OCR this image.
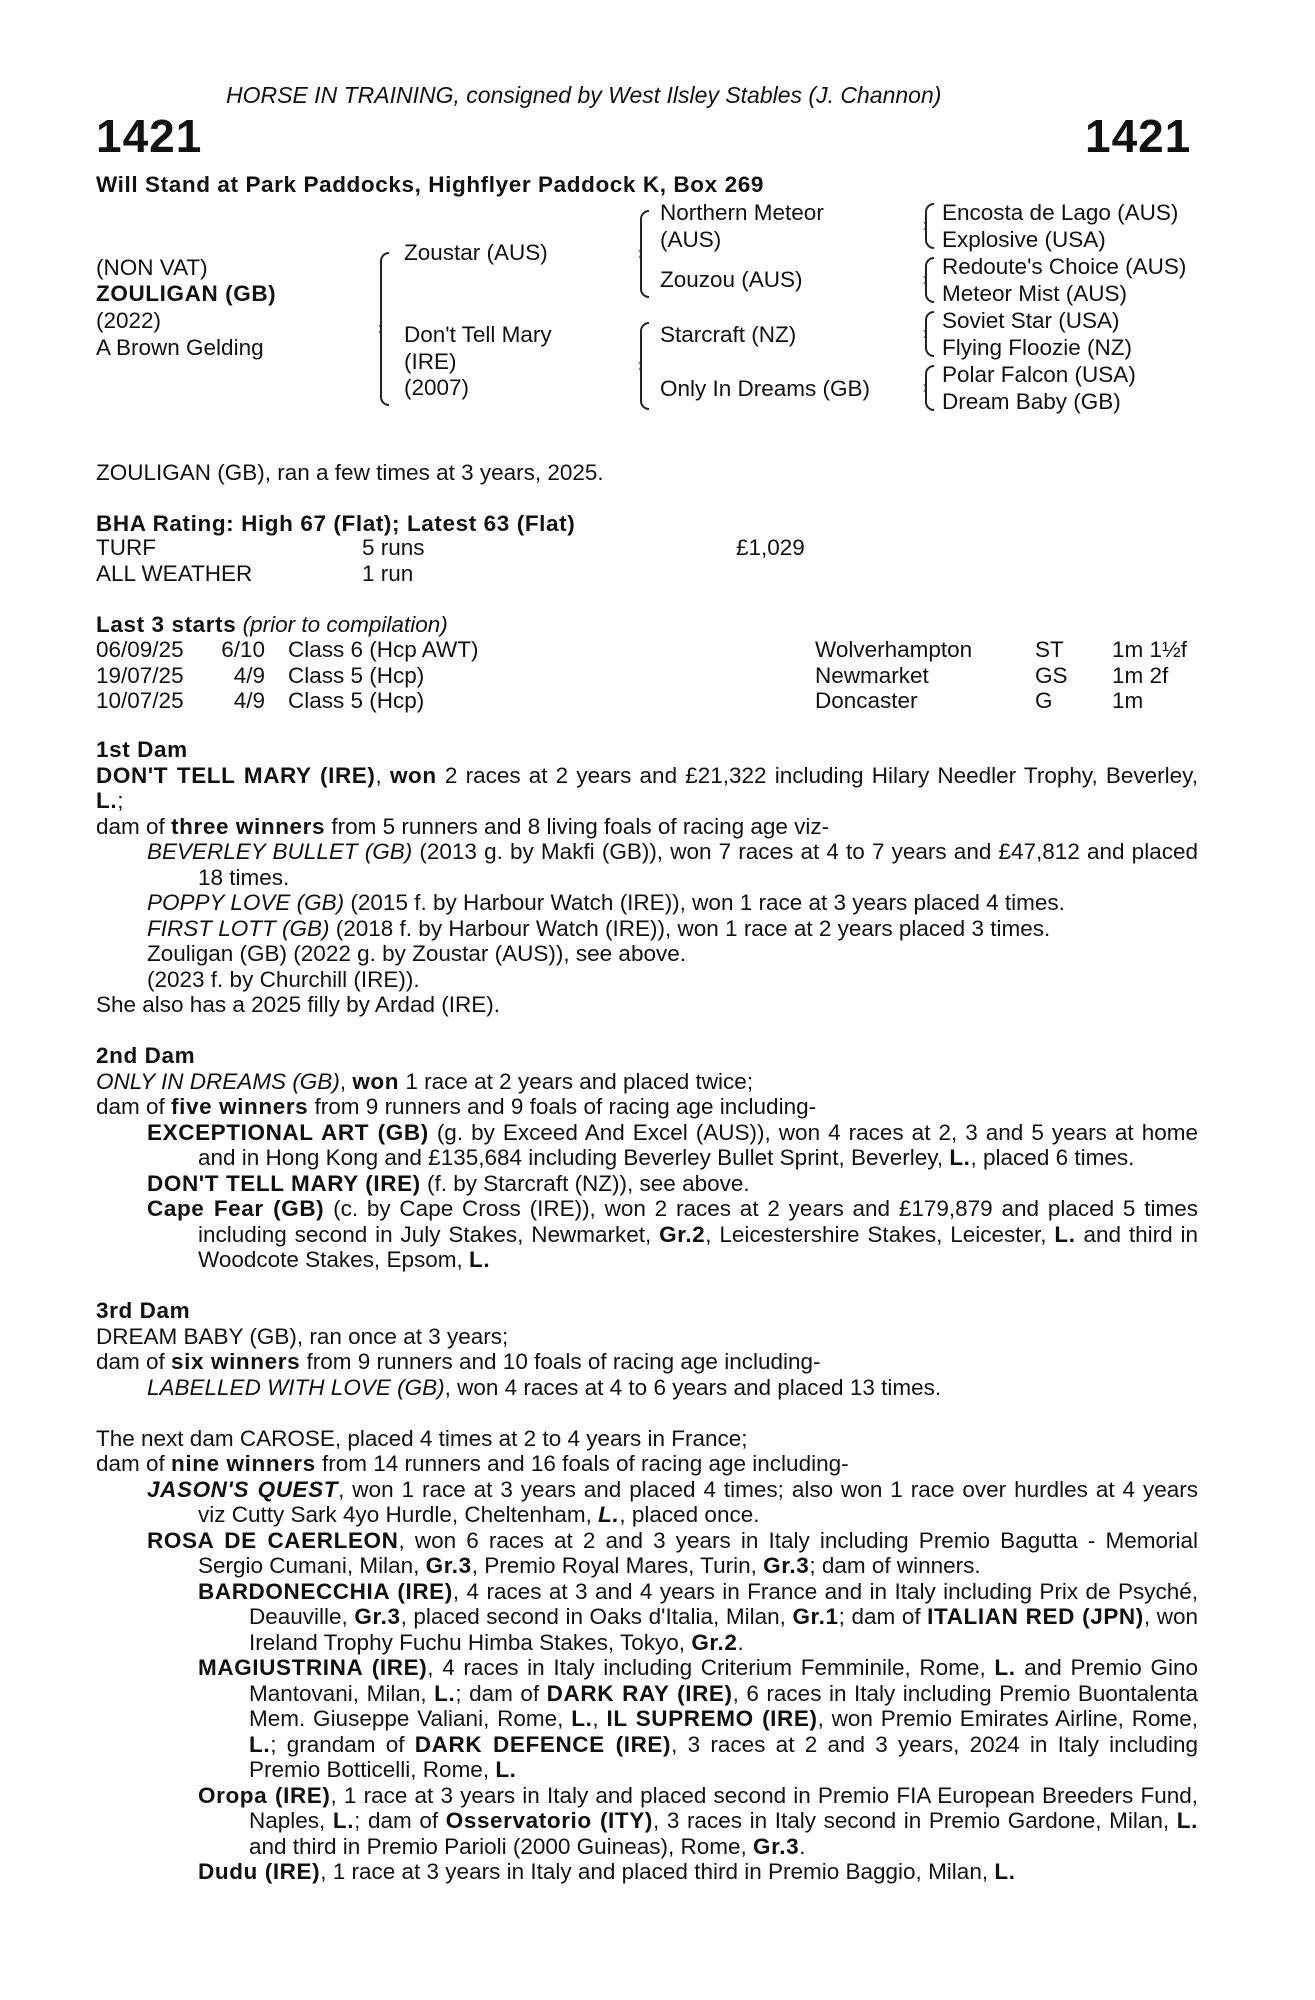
HORSE IN TRAINING, consigned by West Ilsley Stables (J. Channon)
1421	1421
Will Stand at Park Paddocks, Highflyer Paddock K, Box 269
(NON VAT)
ZOULIGAN (GB)
(2022)
A Brown Gelding
Zoustar (AUS)
Don't Tell Mary
(IRE)
(2007)
Northern Meteor
(AUS)
Zouzou (AUS)
Starcraft (NZ)
Only In Dreams (GB)
Encosta de Lago (AUS)
Explosive (USA)
Redoute's Choice (AUS)
Meteor Mist (AUS)
Soviet Star (USA)
Flying Floozie (NZ)
Polar Falcon (USA)
Dream Baby (GB)
ZOULIGAN (GB), ran a few times at 3 years, 2025.
BHA Rating: High 67 (Flat); Latest 63 (Flat)
TURF	5 runs	£1,029
ALL WEATHER	1 run
Last 3 starts (prior to compilation)
06/09/25 6/10 Class 6 (Hcp AWT)	Wolverhampton	ST 1m 1½f
19/07/25 4/9 Class 5 (Hcp)	Newmarket	GS 1m 2f
10/07/25 4/9 Class 5 (Hcp)	Doncaster	G	1m
1st Dam
DON'T TELL MARY (IRE), won 2 races at 2 years and £21,322 including Hilary Needler Trophy, Beverley, L.;
dam of three winners from 5 runners and 8 living foals of racing age viz-
BEVERLEY BULLET (GB) (2013 g. by Makfi (GB)), won 7 races at 4 to 7 years and £47,812 and placed 18 times.
POPPY LOVE (GB) (2015 f. by Harbour Watch (IRE)), won 1 race at 3 years placed 4 times.
FIRST LOTT (GB) (2018 f. by Harbour Watch (IRE)), won 1 race at 2 years placed 3 times.
Zouligan (GB) (2022 g. by Zoustar (AUS)), see above.
(2023 f. by Churchill (IRE)).
She also has a 2025 filly by Ardad (IRE).
2nd Dam
ONLY IN DREAMS (GB), won 1 race at 2 years and placed twice;
dam of five winners from 9 runners and 9 foals of racing age including-
EXCEPTIONAL ART (GB) (g. by Exceed And Excel (AUS)), won 4 races at 2, 3 and 5 years at home and in Hong Kong and £135,684 including Beverley Bullet Sprint, Beverley, L., placed 6 times.
DON'T TELL MARY (IRE) (f. by Starcraft (NZ)), see above.
Cape Fear (GB) (c. by Cape Cross (IRE)), won 2 races at 2 years and £179,879 and placed 5 times including second in July Stakes, Newmarket, Gr.2, Leicestershire Stakes, Leicester, L. and third in Woodcote Stakes, Epsom, L.
3rd Dam
DREAM BABY (GB), ran once at 3 years;
dam of six winners from 9 runners and 10 foals of racing age including-
LABELLED WITH LOVE (GB), won 4 races at 4 to 6 years and placed 13 times.
The next dam CAROSE, placed 4 times at 2 to 4 years in France;
dam of nine winners from 14 runners and 16 foals of racing age including-
JASON'S QUEST, won 1 race at 3 years and placed 4 times; also won 1 race over hurdles at 4 years viz Cutty Sark 4yo Hurdle, Cheltenham, L., placed once.
ROSA DE CAERLEON, won 6 races at 2 and 3 years in Italy including Premio Bagutta - Memorial Sergio Cumani, Milan, Gr.3, Premio Royal Mares, Turin, Gr.3; dam of winners.
BARDONECCHIA (IRE), 4 races at 3 and 4 years in France and in Italy including Prix de Psyché, Deauville, Gr.3, placed second in Oaks d'Italia, Milan, Gr.1; dam of ITALIAN RED (JPN), won Ireland Trophy Fuchu Himba Stakes, Tokyo, Gr.2.
MAGIUSTRINA (IRE), 4 races in Italy including Criterium Femminile, Rome, L. and Premio Gino Mantovani, Milan, L.; dam of DARK RAY (IRE), 6 races in Italy including Premio Buontalenta Mem. Giuseppe Valiani, Rome, L., IL SUPREMO (IRE), won Premio Emirates Airline, Rome, L.; grandam of DARK DEFENCE (IRE), 3 races at 2 and 3 years, 2024 in Italy including Premio Botticelli, Rome, L.
Oropa (IRE), 1 race at 3 years in Italy and placed second in Premio FIA European Breeders Fund, Naples, L.; dam of Osservatorio (ITY), 3 races in Italy second in Premio Gardone, Milan, L. and third in Premio Parioli (2000 Guineas), Rome, Gr.3.
Dudu (IRE), 1 race at 3 years in Italy and placed third in Premio Baggio, Milan, L.
